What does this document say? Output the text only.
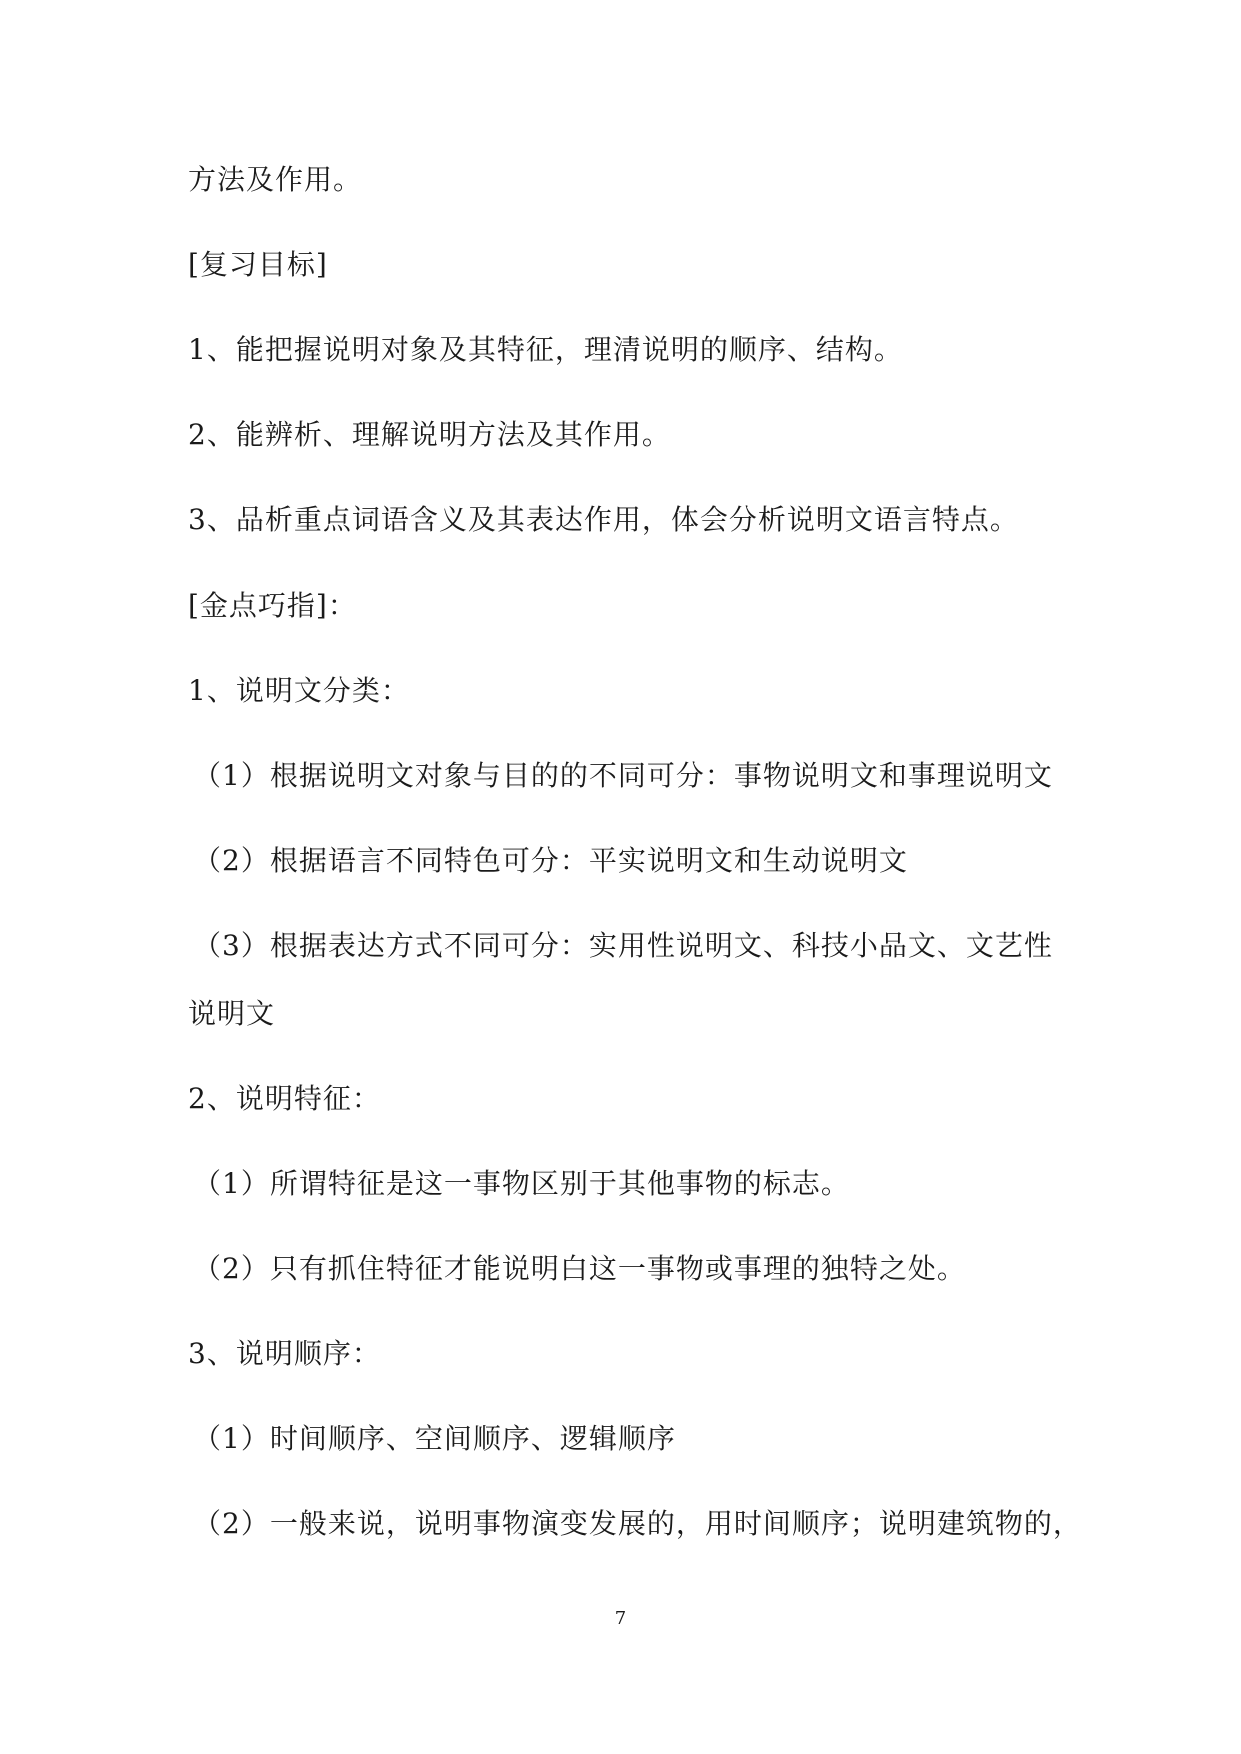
方法及作用。
[复习目标]
1、能把握说明对象及其特征，理清说明的顺序、结构。
2、能辨析、理解说明方法及其作用。
3、品析重点词语含义及其表达作用，体会分析说明文语言特点。
[金点巧指]：
1、说明文分类：
（1）根据说明文对象与目的的不同可分：事物说明文和事理说明文
（2）根据语言不同特色可分：平实说明文和生动说明文
（3）根据表达方式不同可分：实用性说明文、科技小品文、文艺性
说明文
2、说明特征：
（1）所谓特征是这一事物区别于其他事物的标志。
（2）只有抓住特征才能说明白这一事物或事理的独特之处。
3、说明顺序：
（1）时间顺序、空间顺序、逻辑顺序
（2）一般来说，说明事物演变发展的，用时间顺序；说明建筑物的，
7
